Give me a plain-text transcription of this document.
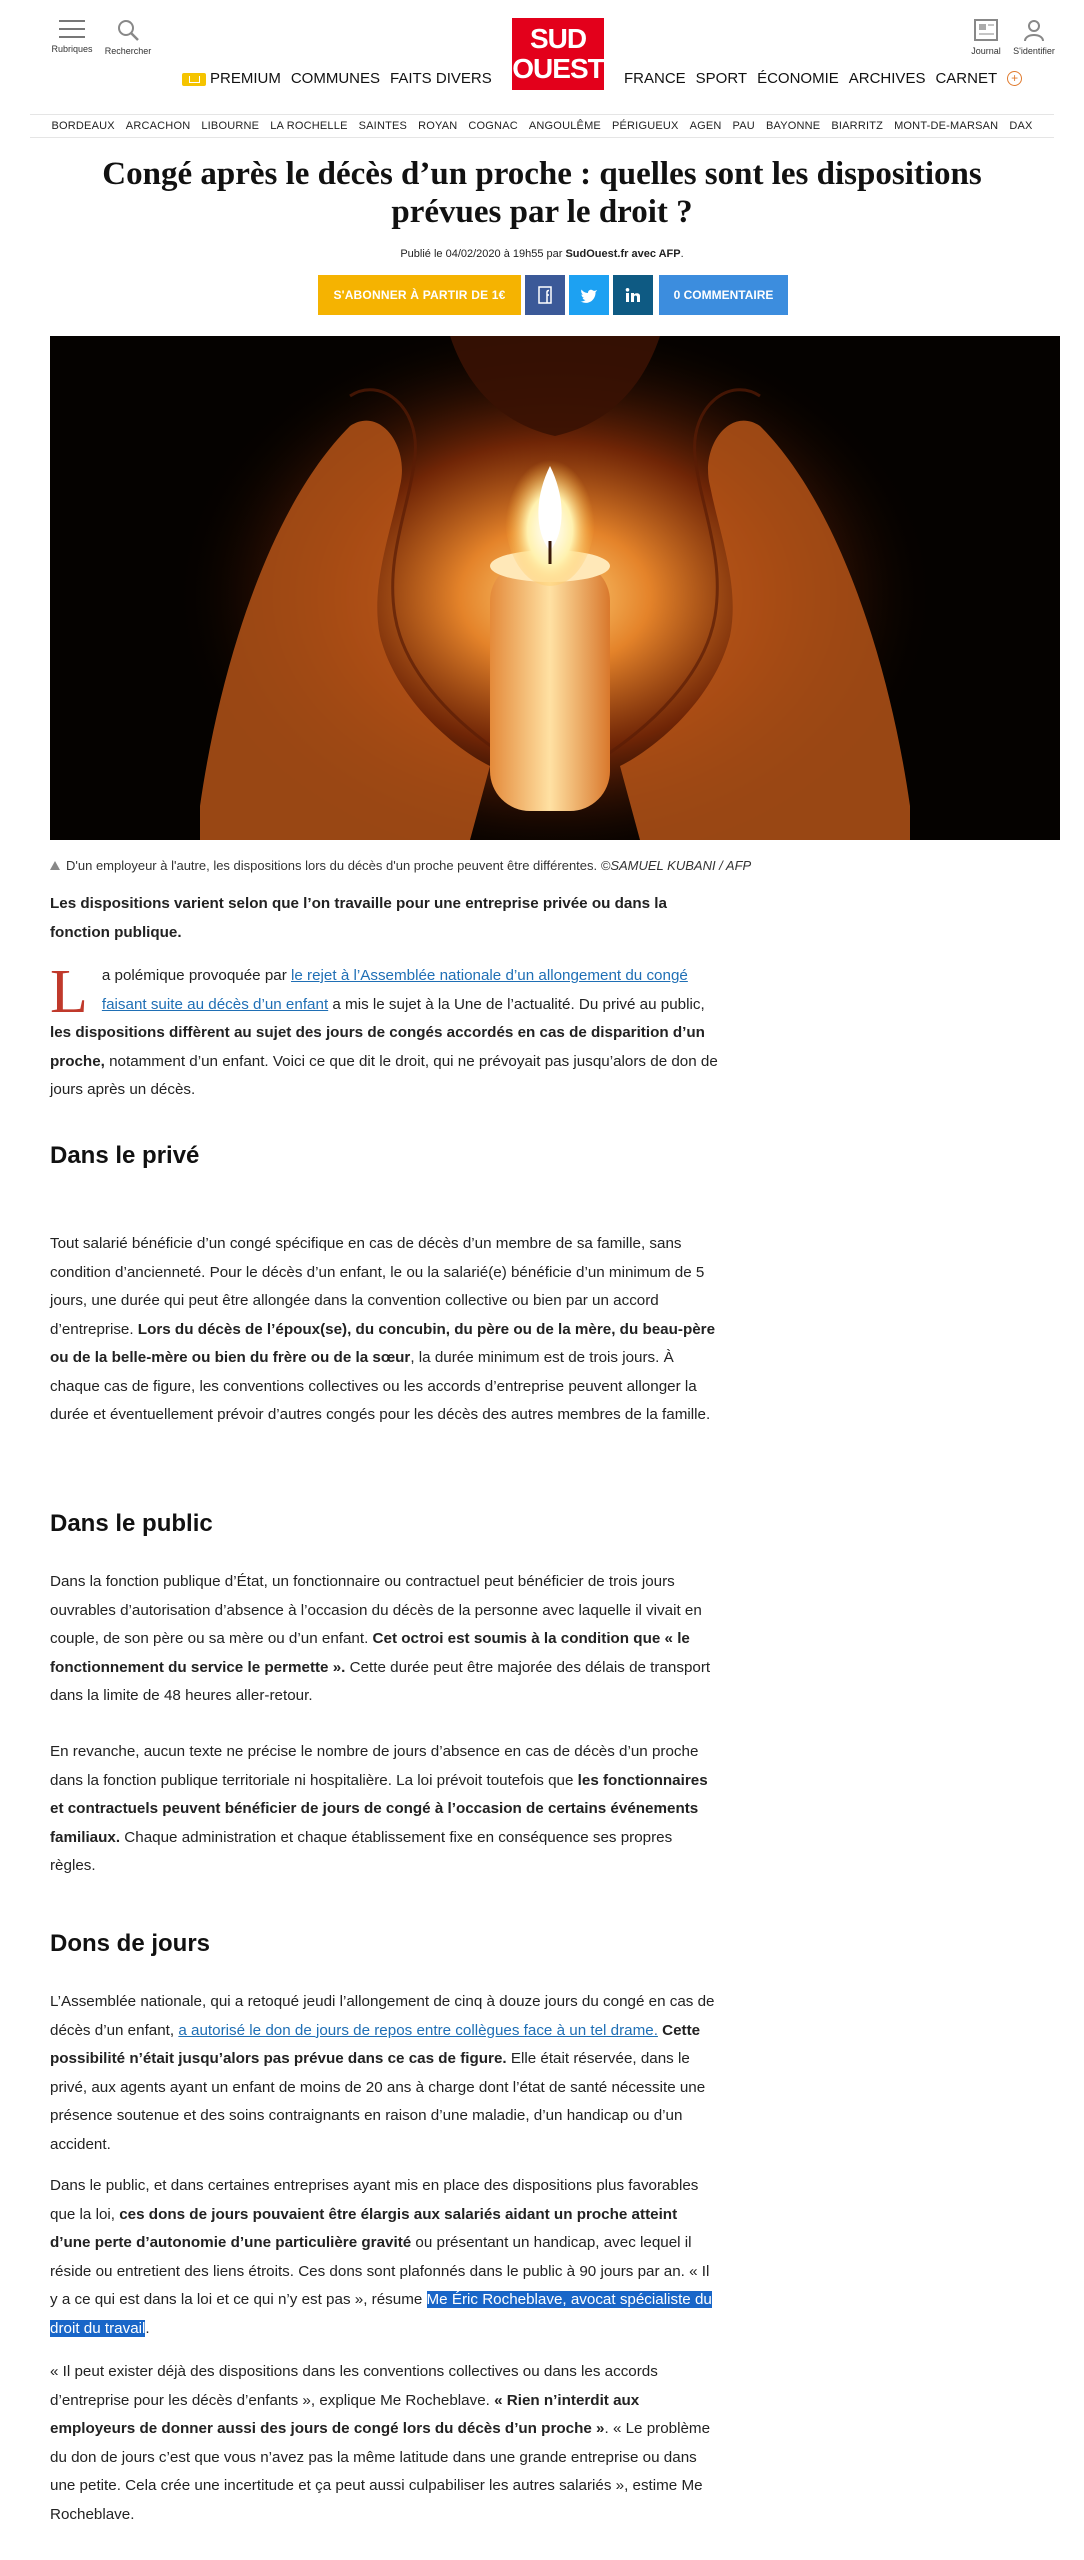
Rubriques	Rechercher	SUD
OUEST
Journal	S'identifier
PREMIUM COMMUNES FAITS DIVERS	FRANCE SPORT ÉCONOMIE ARCHIVES CARNET	+
BORDEAUX ARCACHON LIBOURNE LA ROCHELLE SAINTES ROYAN COGNAC ANGOULÊME PÉRIGUEUX AGEN PAU BAYONNE BIARRITZ MONT-DE-MARSAN DAX
Congé après le décès d’un proche : quelles sont les dispositions prévues par le droit ?
Publié le 04/02/2020 à 19h55 par SudOuest.fr avec AFP.
S'ABONNER À PARTIR DE 1€	0 COMMENTAIRE
D'un employeur à l'autre, les dispositions lors du décès d'un proche peuvent être différentes. ©SAMUEL KUBANI / AFP

Les dispositions varient selon que l’on travaille pour une entreprise privée ou dans la fonction publique.

La polémique provoquée par le rejet à l’Assemblée nationale d’un allongement du congé faisant suite au décès d’un enfant a mis le sujet à la Une de l’actualité. Du privé au public, les dispositions diffèrent au sujet des jours de congés accordés en cas de disparition d’un proche, notamment d’un enfant. Voici ce que dit le droit, qui ne prévoyait pas jusqu’alors de don de jours après un décès.

Dans le privé

Tout salarié bénéficie d’un congé spécifique en cas de décès d’un membre de sa famille, sans condition d’ancienneté. Pour le décès d’un enfant, le ou la salarié(e) bénéficie d’un minimum de 5 jours, une durée qui peut être allongée dans la convention collective ou bien par un accord d’entreprise. Lors du décès de l’époux(se), du concubin, du père ou de la mère, du beau-père ou de la belle-mère ou bien du frère ou de la sœur, la durée minimum est de trois jours. À chaque cas de figure, les conventions collectives ou les accords d’entreprise peuvent allonger la durée et éventuellement prévoir d’autres congés pour les décès des autres membres de la famille.

Dans le public

Dans la fonction publique d’État, un fonctionnaire ou contractuel peut bénéficier de trois jours ouvrables d’autorisation d’absence à l’occasion du décès de la personne avec laquelle il vivait en couple, de son père ou sa mère ou d’un enfant. Cet octroi est soumis à la condition que « le fonctionnement du service le permette ». Cette durée peut être majorée des délais de transport dans la limite de 48 heures aller-retour.

En revanche, aucun texte ne précise le nombre de jours d’absence en cas de décès d’un proche dans la fonction publique territoriale ni hospitalière. La loi prévoit toutefois que les fonctionnaires et contractuels peuvent bénéficier de jours de congé à l’occasion de certains événements familiaux. Chaque administration et chaque établissement fixe en conséquence ses propres règles.

Dons de jours

L’Assemblée nationale, qui a retoqué jeudi l’allongement de cinq à douze jours du congé en cas de décès d’un enfant, a autorisé le don de jours de repos entre collègues face à un tel drame. Cette possibilité n’était jusqu’alors pas prévue dans ce cas de figure. Elle était réservée, dans le privé, aux agents ayant un enfant de moins de 20 ans à charge dont l’état de santé nécessite une présence soutenue et des soins contraignants en raison d’une maladie, d’un handicap ou d’un accident.

Dans le public, et dans certaines entreprises ayant mis en place des dispositions plus favorables que la loi, ces dons de jours pouvaient être élargis aux salariés aidant un proche atteint d’une perte d’autonomie d’une particulière gravité ou présentant un handicap, avec lequel il réside ou entretient des liens étroits. Ces dons sont plafonnés dans le public à 90 jours par an. « Il y a ce qui est dans la loi et ce qui n’y est pas », résume Me Éric Rocheblave, avocat spécialiste du droit du travail.

« Il peut exister déjà des dispositions dans les conventions collectives ou dans les accords d’entreprise pour les décès d’enfants », explique Me Rocheblave. « Rien n’interdit aux employeurs de donner aussi des jours de congé lors du décès d’un proche ». « Le problème du don de jours c’est que vous n’avez pas la même latitude dans une grande entreprise ou dans une petite. Cela crée une incertitude et ça peut aussi culpabiliser les autres salariés », estime Me Rocheblave.
